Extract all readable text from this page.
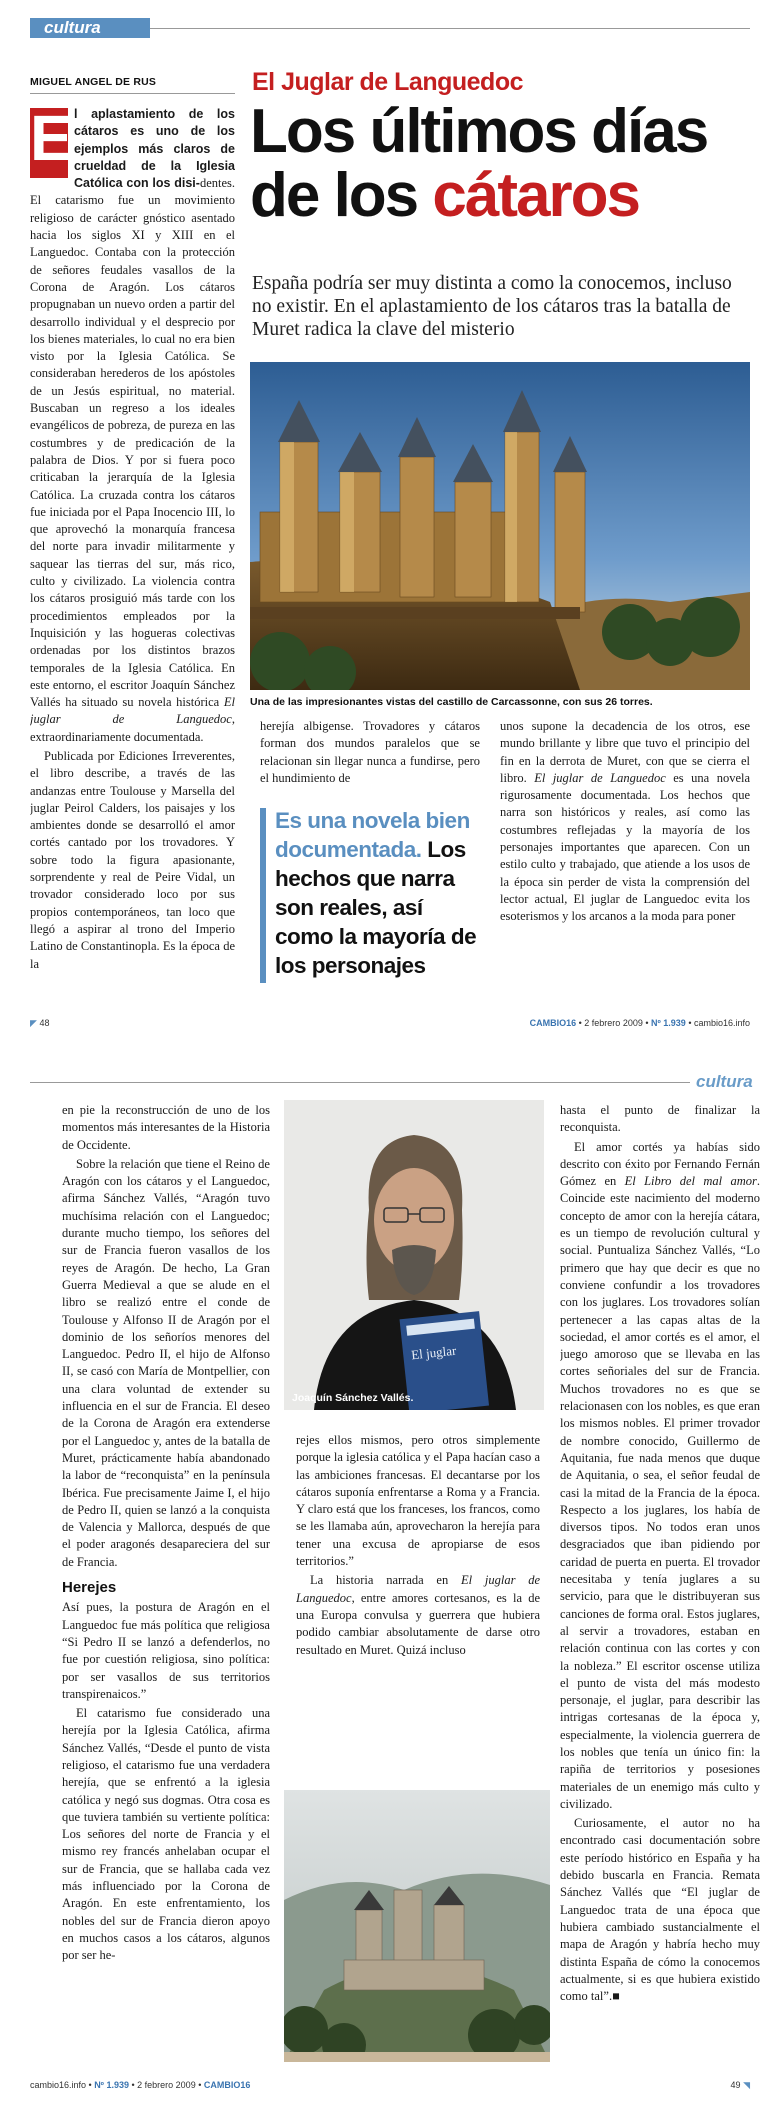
cultura
MIGUEL ANGEL DE RUS	El Juglar de Languedoc
Los últimos días
de los cátaros
España podría ser muy distinta a como la conocemos, incluso no existir. En el aplastamiento de los cátaros tras la batalla de Muret radica la clave del misterio

E l aplastamiento de los cátaros es uno de los ejemplos más claros de crueldad de la Iglesia Católica con los disi-dentes. El catarismo fue un movimiento religioso de carácter gnóstico asentado hacia los siglos XI y XIII en el Languedoc. Contaba con la protección de señores feudales vasallos de la Corona de Aragón. Los cátaros propugnaban un nuevo orden a partir del desarrollo individual y el desprecio por los bienes materiales, lo cual no era bien visto por la Iglesia Católica. Se consideraban herederos de los apóstoles de un Jesús espiritual, no material. Buscaban un regreso a los ideales evangélicos de pobreza, de pureza en las costumbres y de predicación de la palabra de Dios. Y por si fuera poco criticaban la jerarquía de la Iglesia Católica. La cruzada contra los cátaros fue iniciada por el Papa Inocencio III, lo que aprovechó la monarquía francesa del norte para invadir militarmente y saquear las tierras del sur, más rico, culto y civilizado. La violencia contra los cátaros prosiguió más tarde con los procedimientos empleados por la Inquisición y las hogueras colectivas ordenadas por los distintos brazos temporales de la Iglesia Católica. En este entorno, el escritor Joaquín Sánchez Vallés ha situado su novela histórica El juglar de Languedoc, extraordinariamente documentada.

Publicada por Ediciones Irreverentes, el libro describe, a través de las andanzas entre Toulouse y Marsella del juglar Peirol Calders, los paisajes y los ambientes donde se desarrolló el amor cortés cantado por los trovadores. Y sobre todo la figura apasionante, sorprendente y real de Peire Vidal, un trovador considerado loco por sus propios contemporáneos, tan loco que llegó a aspirar al trono del Imperio Latino de Constantinopla. Es la época de la

Una de las impresionantes vistas del castillo de Carcassonne, con sus 26 torres.

herejía albigense. Trovadores y cátaros forman dos mundos paralelos que se relacionan sin llegar nunca a fundirse, pero el hundimiento de

Es una novela bien documentada. Los hechos que narra son reales, así como la mayoría de los personajes

unos supone la decadencia de los otros, ese mundo brillante y libre que tuvo el principio del fin en la derrota de Muret, con que se cierra el libro. El juglar de Languedoc es una novela rigurosamente documentada. Los hechos que narra son históricos y reales, así como las costumbres reflejadas y la mayoría de los personajes importantes que aparecen. Con un estilo culto y trabajado, que atiende a los usos de la época sin perder de vista la comprensión del lector actual, El juglar de Languedoc evita los esoterismos y los arcanos a la moda para poner

◤ 48	CAMBIO16 • 2 febrero 2009 • Nº 1.939 • cambio16.info
cultura

en pie la reconstrucción de uno de los momentos más interesantes de la Historia de Occidente.

Sobre la relación que tiene el Reino de Aragón con los cátaros y el Languedoc, afirma Sánchez Vallés, “Aragón tuvo muchísima relación con el Languedoc; durante mucho tiempo, los señores del sur de Francia fueron vasallos de los reyes de Aragón. De hecho, La Gran Guerra Medieval a que se alude en el libro se realizó entre el conde de Toulouse y Alfonso II de Aragón por el dominio de los señoríos menores del Languedoc. Pedro II, el hijo de Alfonso II, se casó con María de Montpellier, con una clara voluntad de extender su influencia en el sur de Francia. El deseo de la Corona de Aragón era extenderse por el Languedoc y, antes de la batalla de Muret, prácticamente había abandonado la labor de “reconquista” en la península Ibérica. Fue precisamente Jaime I, el hijo de Pedro II, quien se lanzó a la conquista de Valencia y Mallorca, después de que el poder aragonés desapareciera del sur de Francia.

Herejes

Así pues, la postura de Aragón en el Languedoc fue más política que religiosa “Si Pedro II se lanzó a defenderlos, no fue por cuestión religiosa, sino política: por ser vasallos de sus territorios transpirenaicos.”

El catarismo fue considerado una herejía por la Iglesia Católica, afirma Sánchez Vallés, “Desde el punto de vista religioso, el catarismo fue una verdadera herejía, que se enfrentó a la iglesia católica y negó sus dogmas. Otra cosa es que tuviera también su vertiente política: Los señores del norte de Francia y el mismo rey francés anhelaban ocupar el sur de Francia, que se hallaba cada vez más influenciado por la Corona de Aragón. En este enfrentamiento, los nobles del sur de Francia dieron apoyo en muchos casos a los cátaros, algunos por ser he-

El juglar
Joaquín Sánchez Vallés.

rejes ellos mismos, pero otros simplemente porque la iglesia católica y el Papa hacían caso a las ambiciones francesas. El decantarse por los cátaros suponía enfrentarse a Roma y a Francia. Y claro está que los franceses, los francos, como se les llamaba aún, aprovecharon la herejía para tener una excusa de apropiarse de esos territorios.”

La historia narrada en El juglar de Languedoc, entre amores cortesanos, es la de una Europa convulsa y guerrera que hubiera podido cambiar absolutamente de darse otro resultado en Muret. Quizá incluso

hasta el punto de finalizar la reconquista.

El amor cortés ya habías sido descrito con éxito por Fernando Fernán Gómez en El Libro del mal amor. Coincide este nacimiento del moderno concepto de amor con la herejía cátara, es un tiempo de revolución cultural y social. Puntualiza Sánchez Vallés, “Lo primero que hay que decir es que no conviene confundir a los trovadores con los juglares. Los trovadores solían pertenecer a las capas altas de la sociedad, el amor cortés es el amor, el juego amoroso que se llevaba en las cortes señoriales del sur de Francia. Muchos trovadores no es que se relacionasen con los nobles, es que eran los mismos nobles. El primer trovador de nombre conocido, Guillermo de Aquitania, fue nada menos que duque de Aquitania, o sea, el señor feudal de casi la mitad de la Francia de la época. Respecto a los juglares, los había de diversos tipos. No todos eran unos desgraciados que iban pidiendo por caridad de puerta en puerta. El trovador necesitaba y tenía juglares a su servicio, para que le distribuyeran sus canciones de forma oral. Estos juglares, al servir a trovadores, estaban en relación continua con las cortes y con la nobleza.” El escritor oscense utiliza el punto de vista del más modesto personaje, el juglar, para describir las intrigas cortesanas de la época y, especialmente, la violencia guerrera de los nobles que tenía un único fin: la rapiña de territorios y posesiones materiales de un enemigo más culto y civilizado.

Curiosamente, el autor no ha encontrado casi documentación sobre este período histórico en España y ha debido buscarla en Francia. Remata Sánchez Vallés que “El juglar de Languedoc trata de una época que hubiera cambiado sustancialmente el mapa de Aragón y habría hecho muy distinta España de cómo la conocemos actualmente, si es que hubiera existido como tal”.■

cambio16.info • Nº 1.939 • 2 febrero 2009 • CAMBIO16	49 ◥
